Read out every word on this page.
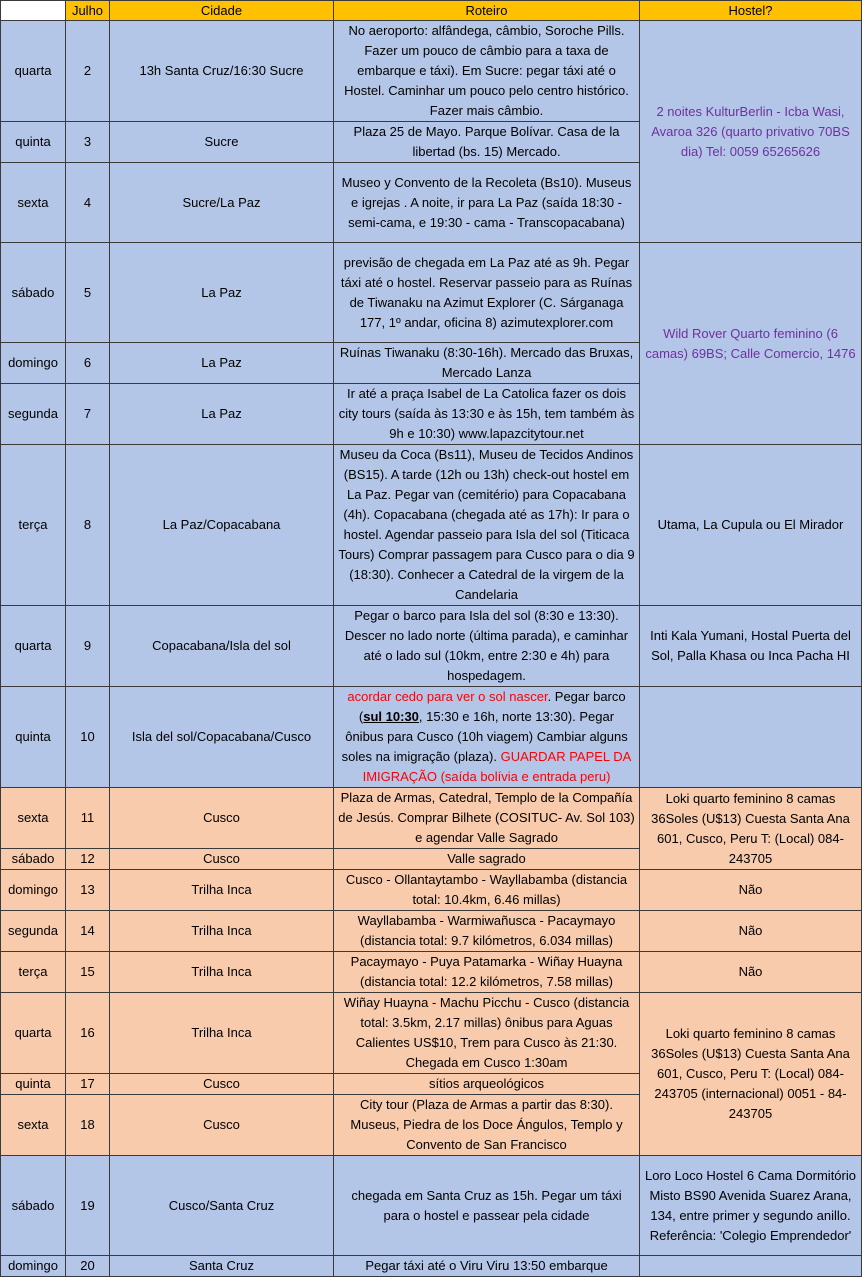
	Julho	Cidade	Roteiro	Hostel?
quarta	2	13h Santa Cruz/16:30 Sucre	No aeroporto: alfândega, câmbio, Soroche Pills. Fazer um pouco de câmbio para a taxa de embarque e táxi). Em Sucre: pegar táxi até o Hostel. Caminhar um pouco pelo centro histórico. Fazer mais câmbio.	2 noites KulturBerlin - Icba Wasi, Avaroa 326 (quarto privativo 70BS dia) Tel: 0059 65265626
quinta	3	Sucre	Plaza 25 de Mayo. Parque Bolívar. Casa de la libertad (bs. 15) Mercado.	
sexta	4	Sucre/La Paz	Museo y Convento de la Recoleta (Bs10). Museus e igrejas . A noite, ir para La Paz (saída 18:30 - semi-cama, e 19:30 - cama - Transcopacabana)	
sábado	5	La Paz	previsão de chegada em La Paz até as 9h. Pegar táxi até o hostel. Reservar passeio para as Ruínas de Tiwanaku na Azimut Explorer (C. Sárganaga 177, 1º andar, oficina 8) azimutexplorer.com	Wild Rover Quarto feminino (6 camas) 69BS; Calle Comercio, 1476
domingo	6	La Paz	Ruínas Tiwanaku (8:30-16h). Mercado das Bruxas, Mercado Lanza	
segunda	7	La Paz	Ir até a praça Isabel de La Catolica fazer os dois city tours (saída às 13:30 e às 15h, tem também às 9h e 10:30) www.lapazcitytour.net	
terça	8	La Paz/Copacabana	Museu da Coca (Bs11), Museu de Tecidos Andinos (BS15). A tarde (12h ou 13h) check-out hostel em La Paz. Pegar van (cemitério) para Copacabana (4h). Copacabana (chegada até as 17h): Ir para o hostel. Agendar passeio para Isla del sol (Titicaca Tours) Comprar passagem para Cusco para o dia 9 (18:30). Conhecer a Catedral de la virgem de la Candelaria	Utama, La Cupula ou El Mirador
quarta	9	Copacabana/Isla del sol	Pegar o barco para Isla del sol (8:30 e 13:30). Descer no lado norte (última parada), e caminhar até o lado sul (10km, entre 2:30 e 4h) para hospedagem.	Inti Kala Yumani, Hostal Puerta del Sol, Palla Khasa ou Inca Pacha HI
quinta	10	Isla del sol/Copacabana/Cusco	acordar cedo para ver o sol nascer. Pegar barco (sul 10:30, 15:30 e 16h, norte 13:30). Pegar ônibus para Cusco (10h viagem) Cambiar alguns soles na imigração (plaza). GUARDAR PAPEL DA IMIGRAÇÃO (saída bolívia e entrada peru)	
sexta	11	Cusco	Plaza de Armas, Catedral, Templo de la Compañía de Jesús. Comprar Bilhete (COSITUC- Av. Sol 103) e agendar Valle Sagrado	Loki quarto feminino 8 camas 36Soles (U$13) Cuesta Santa Ana 601, Cusco, Peru T: (Local) 084-243705
sábado	12	Cusco	Valle sagrado	
domingo	13	Trilha Inca	Cusco - Ollantaytambo - Wayllabamba (distancia total: 10.4km, 6.46 millas)	Não
segunda	14	Trilha Inca	Wayllabamba - Warmiwañusca - Pacaymayo (distancia total: 9.7 kilómetros, 6.034 millas)	Não
terça	15	Trilha Inca	Pacaymayo - Puya Patamarka - Wiñay Huayna (distancia total: 12.2 kilómetros, 7.58 millas)	Não
quarta	16	Trilha Inca	Wiñay Huayna - Machu Picchu - Cusco (distancia total: 3.5km, 2.17 millas) ônibus para Aguas Calientes US$10, Trem para Cusco às 21:30. Chegada em Cusco 1:30am	Loki quarto feminino 8 camas 36Soles (U$13) Cuesta Santa Ana 601, Cusco, Peru T: (Local) 084-243705 (internacional) 0051 - 84-243705
quinta	17	Cusco	sítios arqueológicos	
sexta	18	Cusco	City tour (Plaza de Armas a partir das 8:30). Museus, Piedra de los Doce Ángulos, Templo y Convento de San Francisco	
sábado	19	Cusco/Santa Cruz	chegada em Santa Cruz as 15h. Pegar um táxi para o hostel e passear pela cidade	Loro Loco Hostel 6 Cama Dormitório Misto BS90 Avenida Suarez Arana, 134, entre primer y segundo anillo. Referência: 'Colegio Emprendedor'
domingo	20	Santa Cruz	Pegar táxi até o Viru Viru 13:50 embarque	
